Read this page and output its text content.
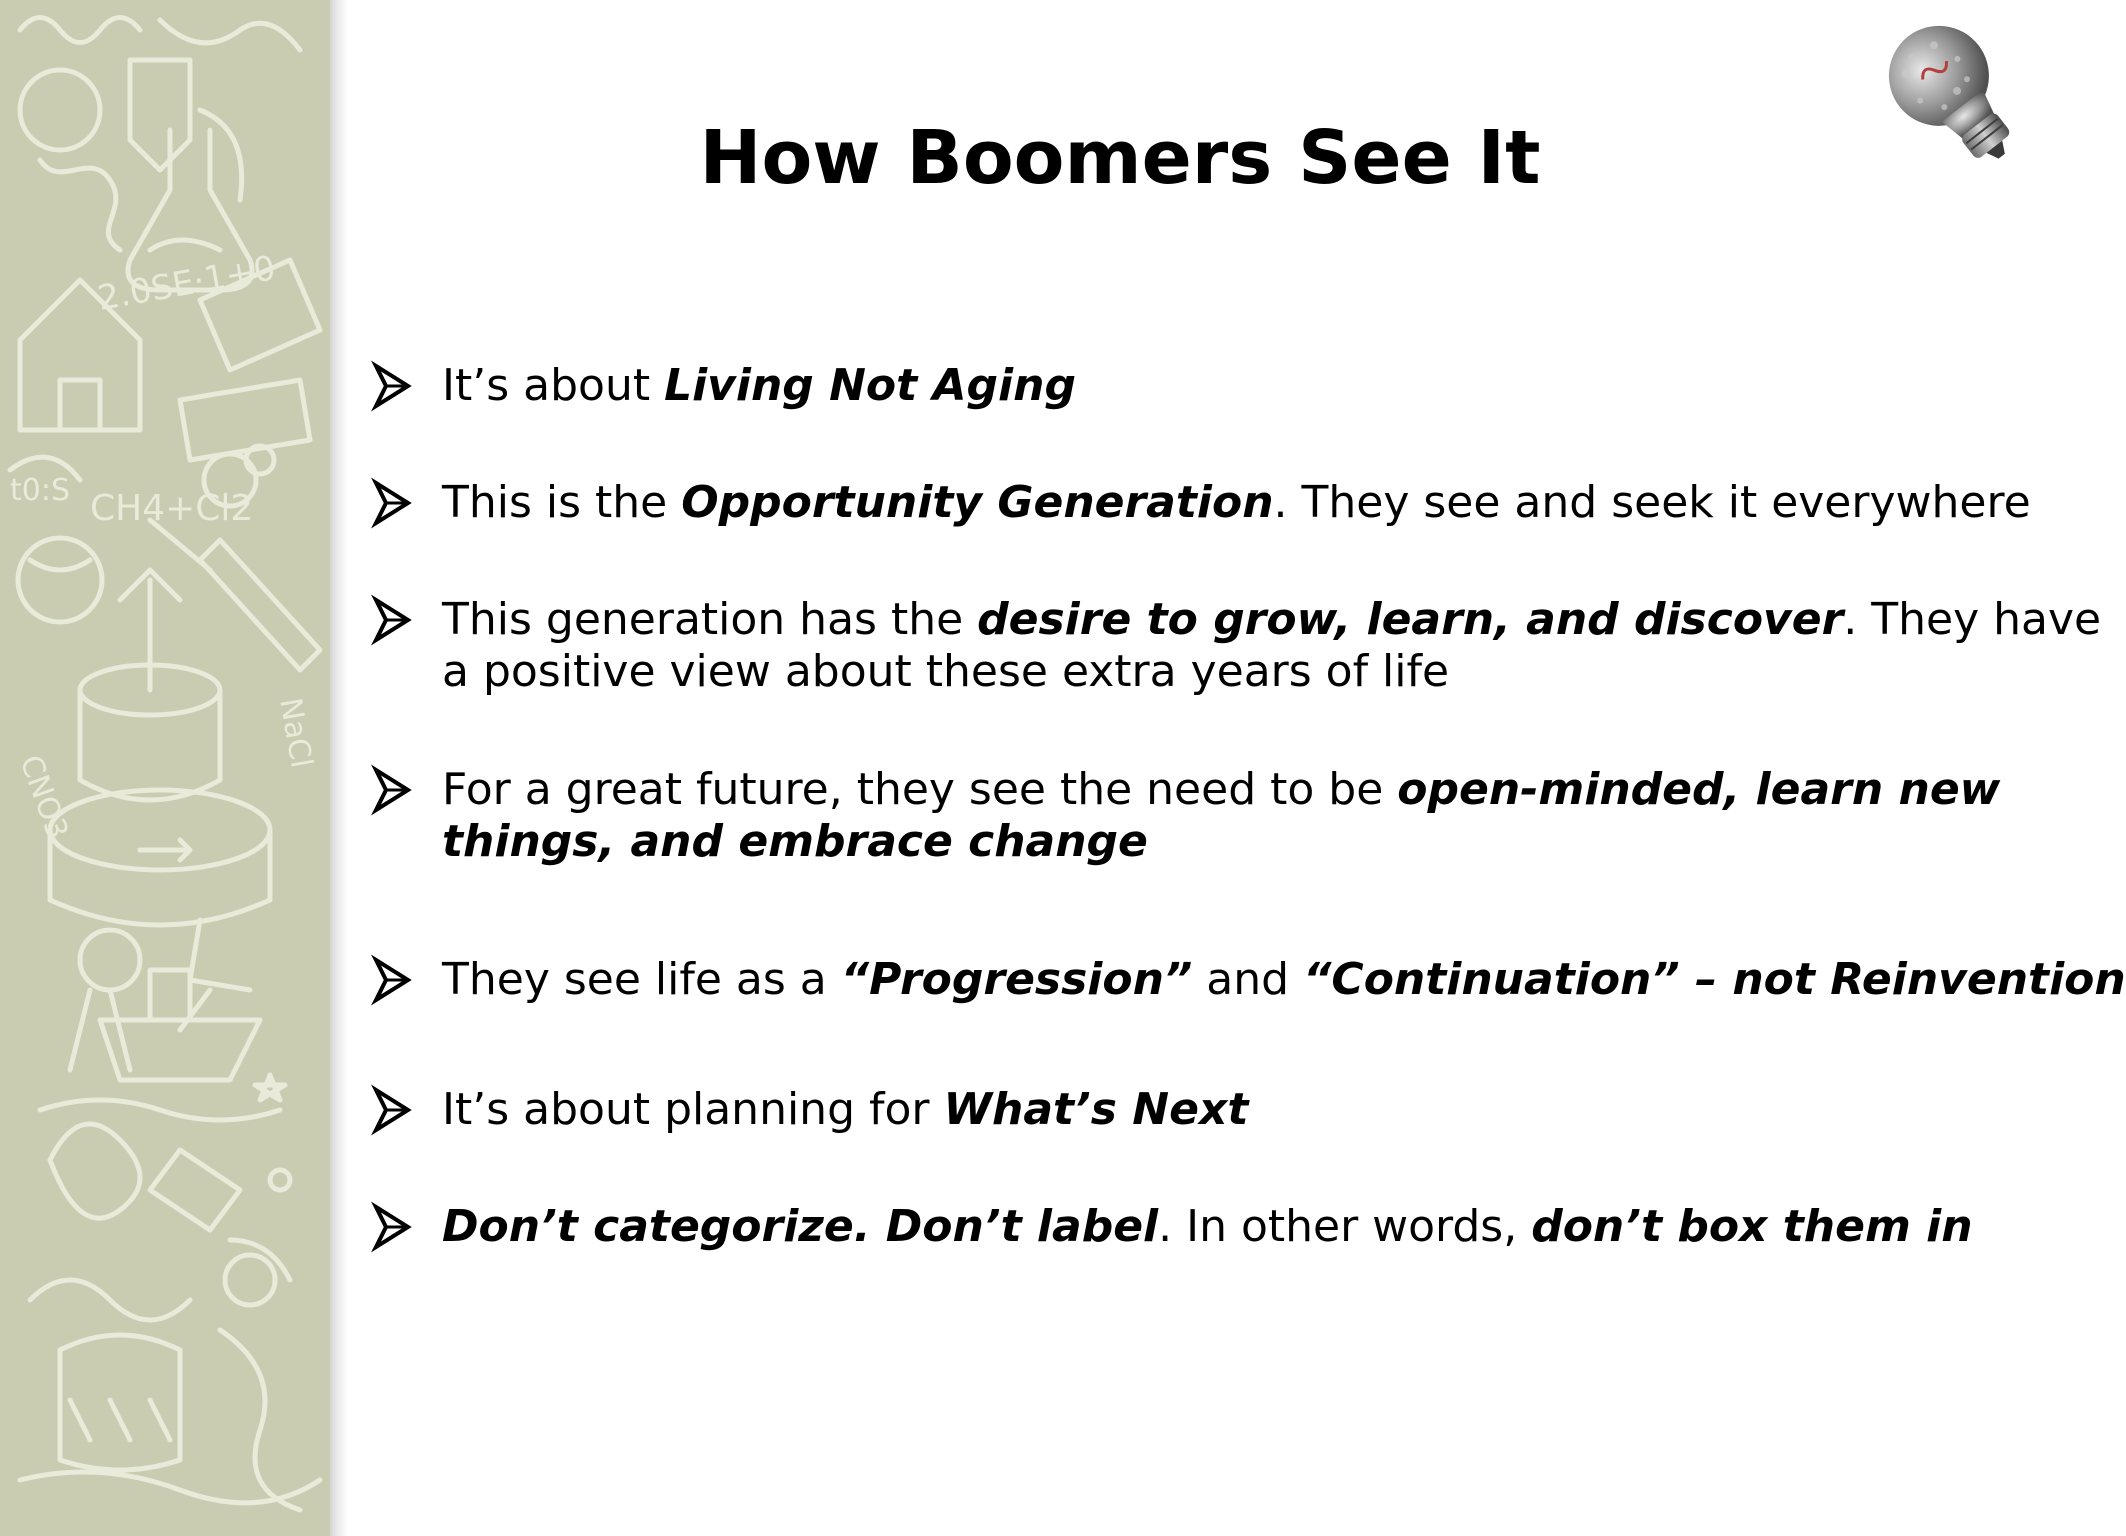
2.0SE·1+0
CH4+Cl2
t0:S
CNO3
NaCl
How Boomers See It
It’s about Living Not Aging
This is the Opportunity Generation. They see and seek it everywhere
This generation has the desire to grow, learn, and discover. They have
a positive view about these extra years of life
For a great future, they see the need to be open-minded, learn new
things, and embrace change
They see life as a “Progression” and “Continuation” – not Reinvention
It’s about planning for What’s Next
Don’t categorize. Don’t label. In other words, don’t box them in
